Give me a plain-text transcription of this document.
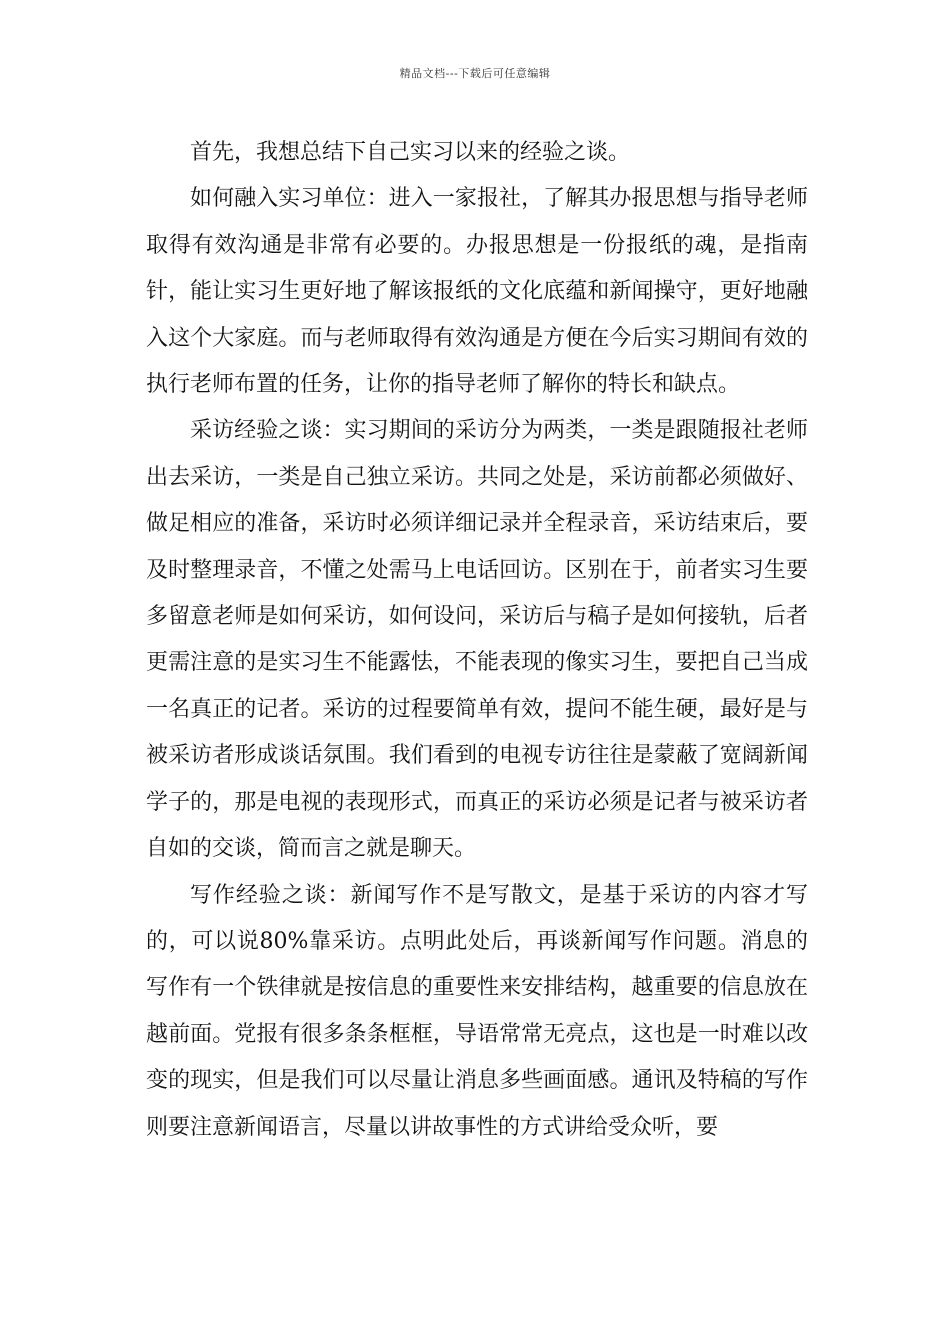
精品文档---下载后可任意编辑

首先，我想总结下自己实习以来的经验之谈。

如何融入实习单位：进入一家报社，了解其办报思想与指导老师取得有效沟通是非常有必要的。办报思想是一份报纸的魂，是指南针，能让实习生更好地了解该报纸的文化底蕴和新闻操守，更好地融入这个大家庭。而与老师取得有效沟通是方便在今后实习期间有效的执行老师布置的任务，让你的指导老师了解你的特长和缺点。

采访经验之谈：实习期间的采访分为两类，一类是跟随报社老师出去采访，一类是自己独立采访。共同之处是，采访前都必须做好、做足相应的准备，采访时必须详细记录并全程录音，采访结束后，要及时整理录音，不懂之处需马上电话回访。区别在于，前者实习生要多留意老师是如何采访，如何设问，采访后与稿子是如何接轨，后者更需注意的是实习生不能露怯，不能表现的像实习生，要把自己当成一名真正的记者。采访的过程要简单有效，提问不能生硬，最好是与被采访者形成谈话氛围。我们看到的电视专访往往是蒙蔽了宽阔新闻学子的，那是电视的表现形式，而真正的采访必须是记者与被采访者自如的交谈，简而言之就是聊天。

写作经验之谈：新闻写作不是写散文，是基于采访的内容才写的，可以说80%靠采访。点明此处后，再谈新闻写作问题。消息的写作有一个铁律就是按信息的重要性来安排结构，越重要的信息放在越前面。党报有很多条条框框，导语常常无亮点，这也是一时难以改变的现实，但是我们可以尽量让消息多些画面感。通讯及特稿的写作则要注意新闻语言，尽量以讲故事性的方式讲给受众听，要
